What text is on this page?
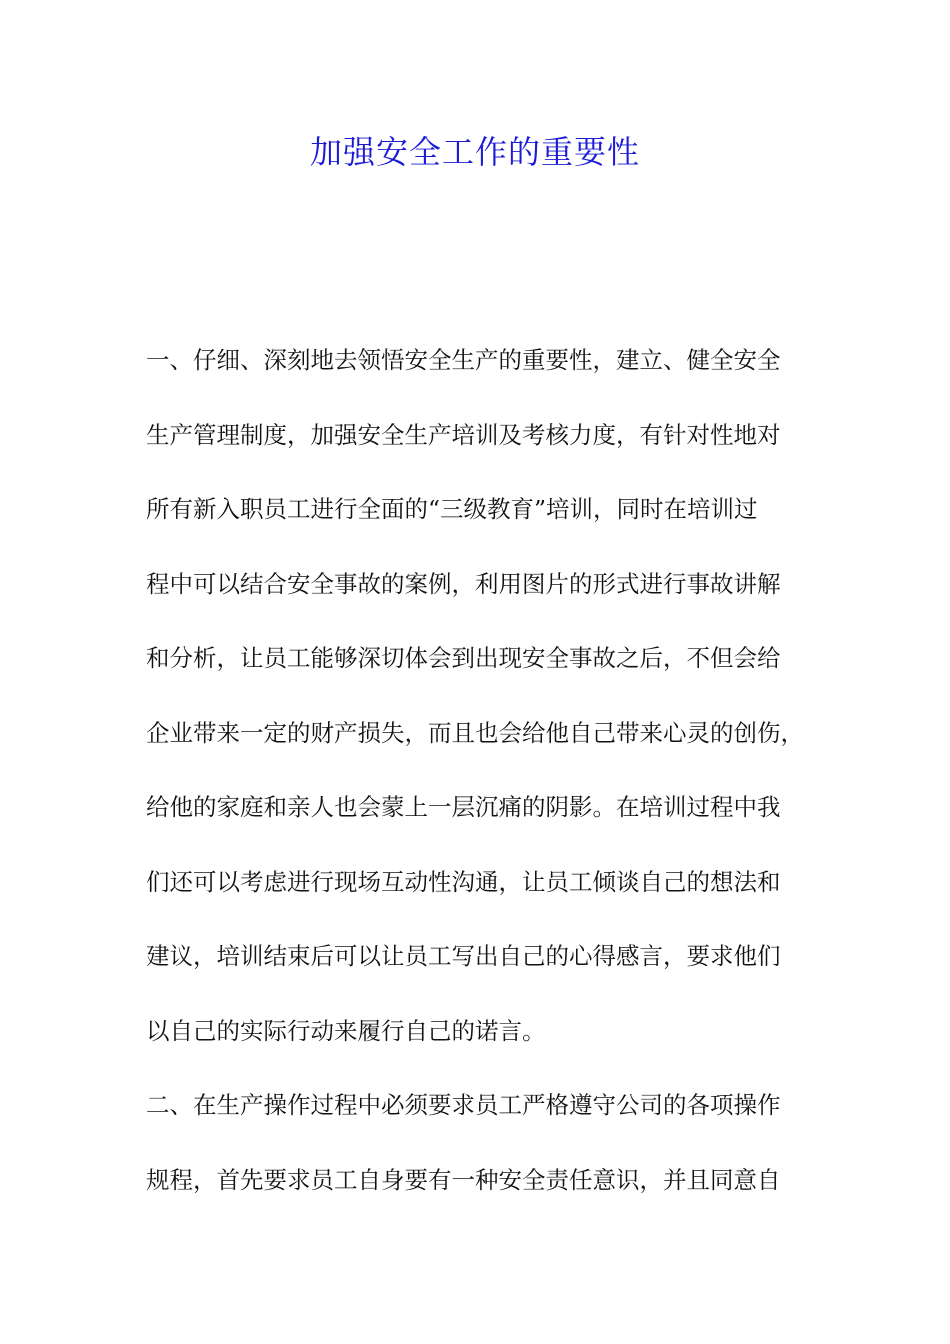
加强安全工作的重要性
一、仔细、深刻地去领悟安全生产的重要性，建立、健全安全
生产管理制度，加强安全生产培训及考核力度，有针对性地对
所有新入职员工进行全面的“三级教育”培训，同时在培训过
程中可以结合安全事故的案例，利用图片的形式进行事故讲解
和分析，让员工能够深切体会到出现安全事故之后，不但会给
企业带来一定的财产损失，而且也会给他自己带来心灵的创伤，
给他的家庭和亲人也会蒙上一层沉痛的阴影。在培训过程中我
们还可以考虑进行现场互动性沟通，让员工倾谈自己的想法和
建议，培训结束后可以让员工写出自己的心得感言，要求他们
以自己的实际行动来履行自己的诺言。
二、在生产操作过程中必须要求员工严格遵守公司的各项操作
规程，首先要求员工自身要有一种安全责任意识，并且同意自
